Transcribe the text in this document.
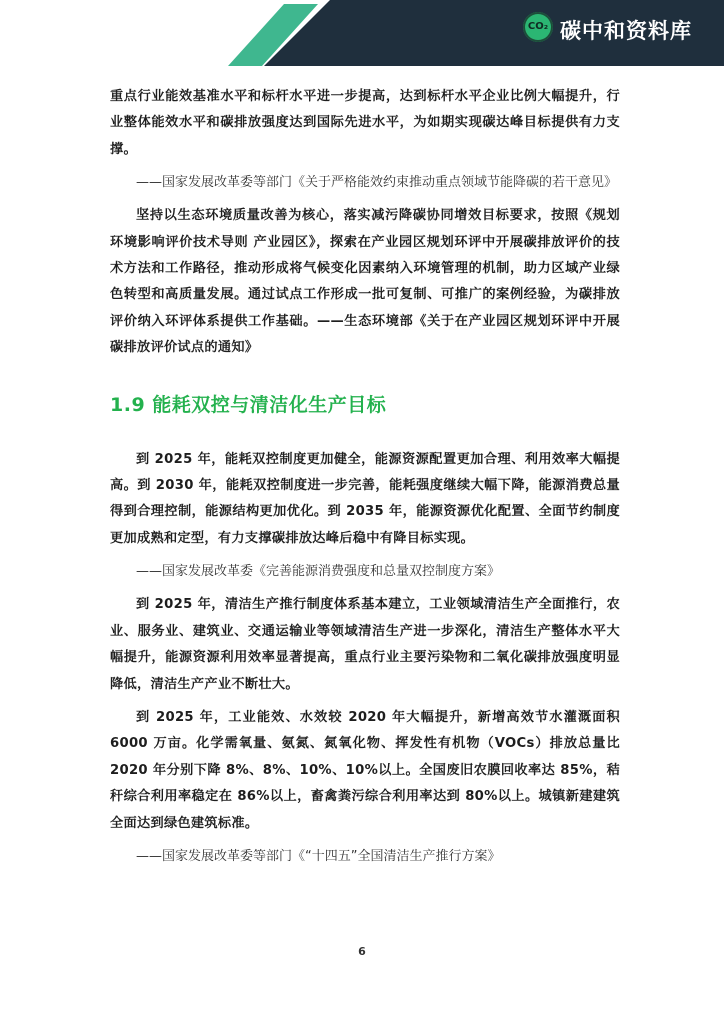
CO₂ 碳中和资料库

重点行业能效基准水平和标杆水平进一步提高，达到标杆水平企业比例大幅提升，行业整体能效水平和碳排放强度达到国际先进水平，为如期实现碳达峰目标提供有力支撑。

——国家发展改革委等部门《关于严格能效约束推动重点领域节能降碳的若干意见》

坚持以生态环境质量改善为核心，落实减污降碳协同增效目标要求，按照《规划环境影响评价技术导则 产业园区》，探索在产业园区规划环评中开展碳排放评价的技术方法和工作路径，推动形成将气候变化因素纳入环境管理的机制，助力区域产业绿色转型和高质量发展。通过试点工作形成一批可复制、可推广的案例经验，为碳排放评价纳入环评体系提供工作基础。——生态环境部《关于在产业园区规划环评中开展碳排放评价试点的通知》

1.9 能耗双控与清洁化生产目标

到 2025 年，能耗双控制度更加健全，能源资源配置更加合理、利用效率大幅提高。到 2030 年，能耗双控制度进一步完善，能耗强度继续大幅下降，能源消费总量得到合理控制，能源结构更加优化。到 2035 年，能源资源优化配置、全面节约制度更加成熟和定型，有力支撑碳排放达峰后稳中有降目标实现。

——国家发展改革委《完善能源消费强度和总量双控制度方案》

到 2025 年，清洁生产推行制度体系基本建立，工业领域清洁生产全面推行，农业、服务业、建筑业、交通运输业等领域清洁生产进一步深化，清洁生产整体水平大幅提升，能源资源利用效率显著提高，重点行业主要污染物和二氧化碳排放强度明显降低，清洁生产产业不断壮大。

到 2025 年，工业能效、水效较 2020 年大幅提升，新增高效节水灌溉面积 6000 万亩。化学需氧量、氨氮、氮氧化物、挥发性有机物（VOCs）排放总量比 2020 年分别下降 8%、8%、10%、10%以上。全国废旧农膜回收率达 85%，秸秆综合利用率稳定在 86%以上，畜禽粪污综合利用率达到 80%以上。城镇新建建筑全面达到绿色建筑标准。

——国家发展改革委等部门《“十四五”全国清洁生产推行方案》

6
